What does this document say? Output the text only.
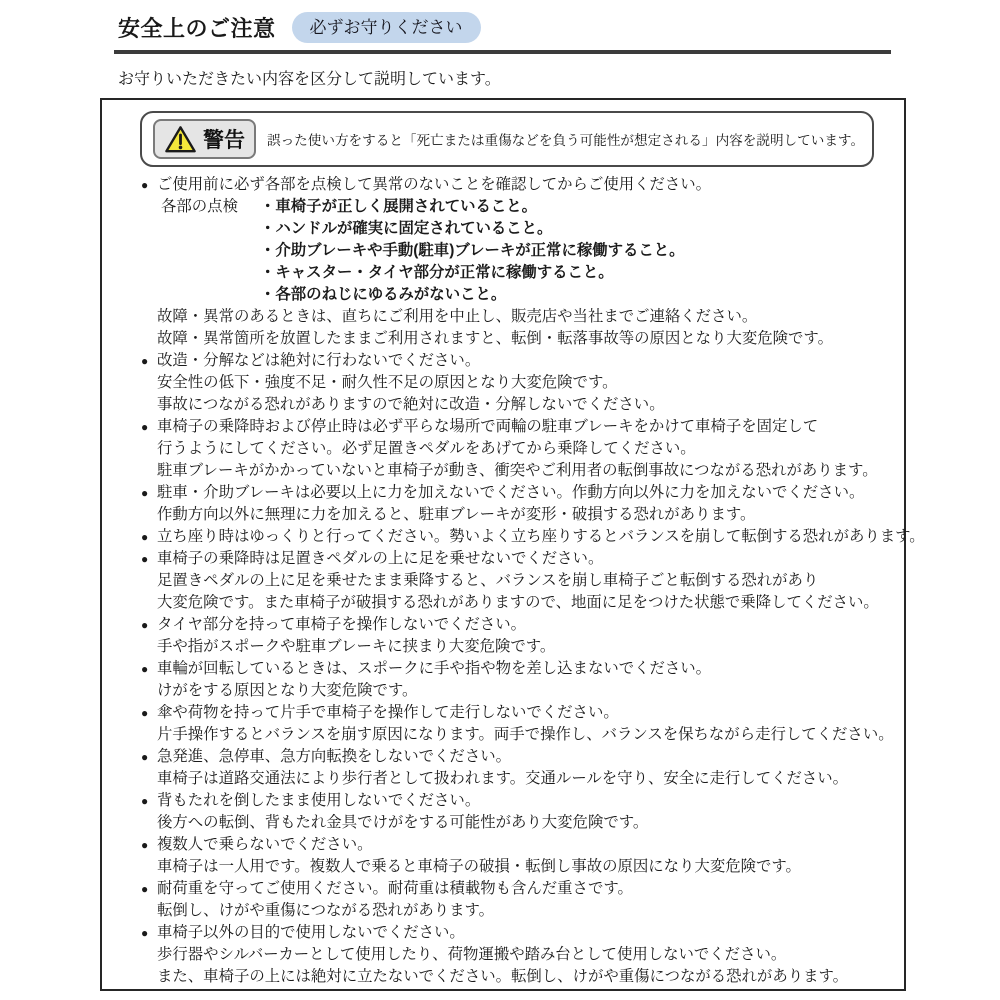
安全上のご注意	必ずお守りください
お守りいただきたい内容を区分して説明しています。
警告 誤った使い方をすると「死亡または重傷などを負う可能性が想定される」内容を説明しています。
● ご使用前に必ず各部を点検して異常のないことを確認してからご使用ください。
各部の点検	・車椅子が正しく展開されていること。
・ハンドルが確実に固定されていること。
・介助ブレーキや手動(駐車)ブレーキが正常に稼働すること。
・キャスター・タイヤ部分が正常に稼働すること。
・各部のねじにゆるみがないこと。
故障・異常のあるときは、直ちにご利用を中止し、販売店や当社までご連絡ください。
故障・異常箇所を放置したままご利用されますと、転倒・転落事故等の原因となり大変危険です。
● 改造・分解などは絶対に行わないでください。
安全性の低下・強度不足・耐久性不足の原因となり大変危険です。
事故につながる恐れがありますので絶対に改造・分解しないでください。
● 車椅子の乗降時および停止時は必ず平らな場所で両輪の駐車ブレーキをかけて車椅子を固定して
行うようにしてください。必ず足置きペダルをあげてから乗降してください。
駐車ブレーキがかかっていないと車椅子が動き、衝突やご利用者の転倒事故につながる恐れがあります。
● 駐車・介助ブレーキは必要以上に力を加えないでください。作動方向以外に力を加えないでください。
作動方向以外に無理に力を加えると、駐車ブレーキが変形・破損する恐れがあります。
● 立ち座り時はゆっくりと行ってください。勢いよく立ち座りするとバランスを崩して転倒する恐れがあります。
● 車椅子の乗降時は足置きペダルの上に足を乗せないでください。
足置きペダルの上に足を乗せたまま乗降すると、バランスを崩し車椅子ごと転倒する恐れがあり
大変危険です。また車椅子が破損する恐れがありますので、地面に足をつけた状態で乗降してください。
● タイヤ部分を持って車椅子を操作しないでください。
手や指がスポークや駐車ブレーキに挟まり大変危険です。
● 車輪が回転しているときは、スポークに手や指や物を差し込まないでください。
けがをする原因となり大変危険です。
● 傘や荷物を持って片手で車椅子を操作して走行しないでください。
片手操作するとバランスを崩す原因になります。両手で操作し、バランスを保ちながら走行してください。
● 急発進、急停車、急方向転換をしないでください。
車椅子は道路交通法により歩行者として扱われます。交通ルールを守り、安全に走行してください。
● 背もたれを倒したまま使用しないでください。
後方への転倒、背もたれ金具でけがをする可能性があり大変危険です。
● 複数人で乗らないでください。
車椅子は一人用です。複数人で乗ると車椅子の破損・転倒し事故の原因になり大変危険です。
● 耐荷重を守ってご使用ください。耐荷重は積載物も含んだ重さです。
転倒し、けがや重傷につながる恐れがあります。
● 車椅子以外の目的で使用しないでください。
歩行器やシルバーカーとして使用したり、荷物運搬や踏み台として使用しないでください。
また、車椅子の上には絶対に立たないでください。転倒し、けがや重傷につながる恐れがあります。
